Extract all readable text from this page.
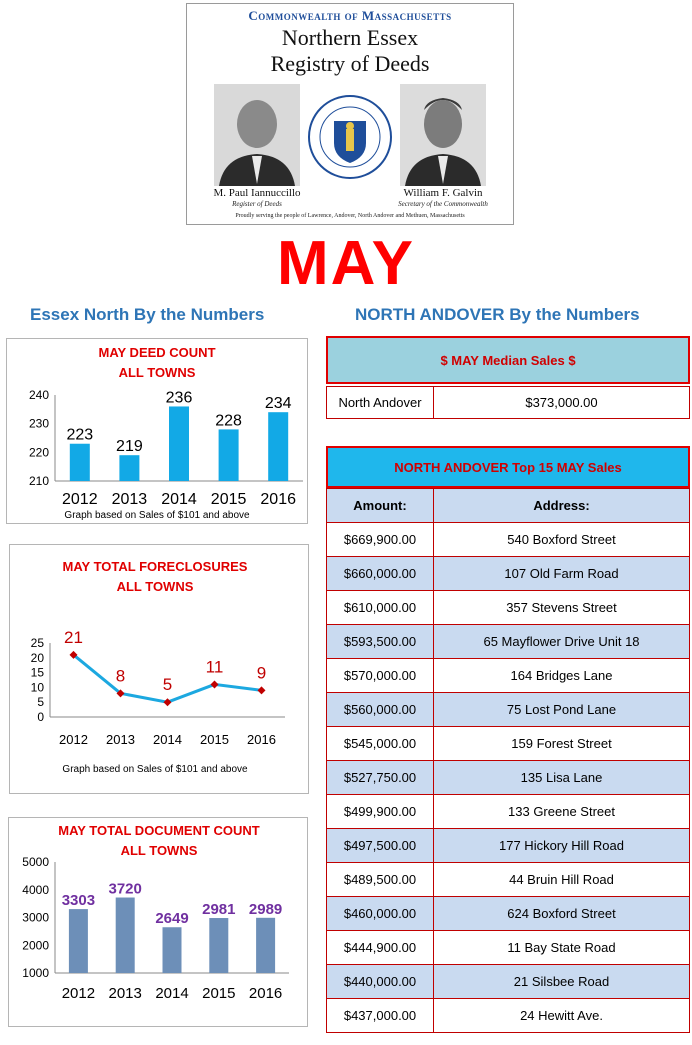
Commonwealth of Massachusetts
Northern Essex
Registry of Deeds
M. Paul Iannuccillo
Register of Deeds
William F. Galvin
Secretary of the Commonwealth
Proudly serving the people of Lawrence, Andover, North Andover and Methuen, Massachusetts
MAY
Essex North By the Numbers	NORTH ANDOVER By the Numbers
MAY DEED COUNT
ALL TOWNS
210
220
230
240
2012
223
2013
219
2014
236
2015
228
2016
234
Graph based on Sales of $101 and above
MAY TOTAL FORECLOSURES
ALL TOWNS
0
5
10
15
20
25
2012 2013 2014 2015 2016
21
8 5
11 9
Graph based on Sales of $101 and above
MAY TOTAL DOCUMENT COUNT
ALL TOWNS
1000
2000
3000
4000
5000
2012
3303
2013
3720
2014
2649
2015
2981
2016
2989
$ MAY Median Sales $
North Andover	$373,000.00
NORTH ANDOVER Top 15 MAY Sales
Amount:	Address:
$669,900.00	540 Boxford Street
$660,000.00	107 Old Farm Road
$610,000.00	357 Stevens Street
$593,500.00	65 Mayflower Drive Unit 18
$570,000.00	164 Bridges Lane
$560,000.00	75 Lost Pond Lane
$545,000.00	159 Forest Street
$527,750.00	135 Lisa Lane
$499,900.00	133 Greene Street
$497,500.00	177 Hickory Hill Road
$489,500.00	44 Bruin Hill Road
$460,000.00	624 Boxford Street
$444,900.00	11 Bay State Road
$440,000.00	21 Silsbee Road
$437,000.00	24 Hewitt Ave.
